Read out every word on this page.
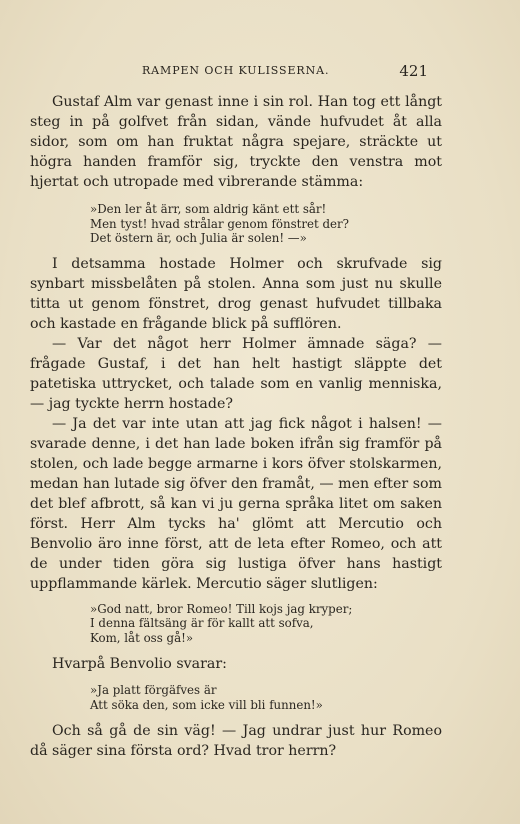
RAMPEN OCH KULISSERNA.	421

Gustaf Alm var genast inne i sin rol. Han tog ett långt steg in på golfvet från sidan, vände hufvudet åt alla sidor, som om han fruktat några spejare, sträckte ut högra handen framför sig, tryckte den venstra mot hjertat och utropade med vibrerande stämma:

»Den ler åt ärr, som aldrig känt ett sår!
Men tyst! hvad strålar genom fönstret der?
Det östern är, och Julia är solen! —»

I detsamma hostade Holmer och skrufvade sig synbart missbelåten på stolen. Anna som just nu skulle titta ut genom fönstret, drog genast hufvudet tillbaka och kastade en frågande blick på sufflören.

— Var det något herr Holmer ämnade säga? — frågade Gustaf, i det han helt hastigt släppte det patetiska uttrycket, och talade som en vanlig menniska, — jag tyckte herrn hostade?

— Ja det var inte utan att jag fick något i halsen! — svarade denne, i det han lade boken ifrån sig framför på stolen, och lade begge armarne i kors öfver stolskarmen, medan han lutade sig öfver den framåt, — men efter som det blef afbrott, så kan vi ju gerna språka litet om saken först. Herr Alm tycks ha' glömt att Mercutio och Benvolio äro inne först, att de leta efter Romeo, och att de under tiden göra sig lustiga öfver hans hastigt uppflammande kärlek. Mercutio säger slutligen:

»God natt, bror Romeo! Till kojs jag kryper;
I denna fältsäng är för kallt att sofva,
Kom, låt oss gå!»

Hvarpå Benvolio svarar:

»Ja platt förgäfves är
Att söka den, som icke vill bli funnen!»

Och så gå de sin väg! — Jag undrar just hur Romeo då säger sina första ord? Hvad tror herrn?
